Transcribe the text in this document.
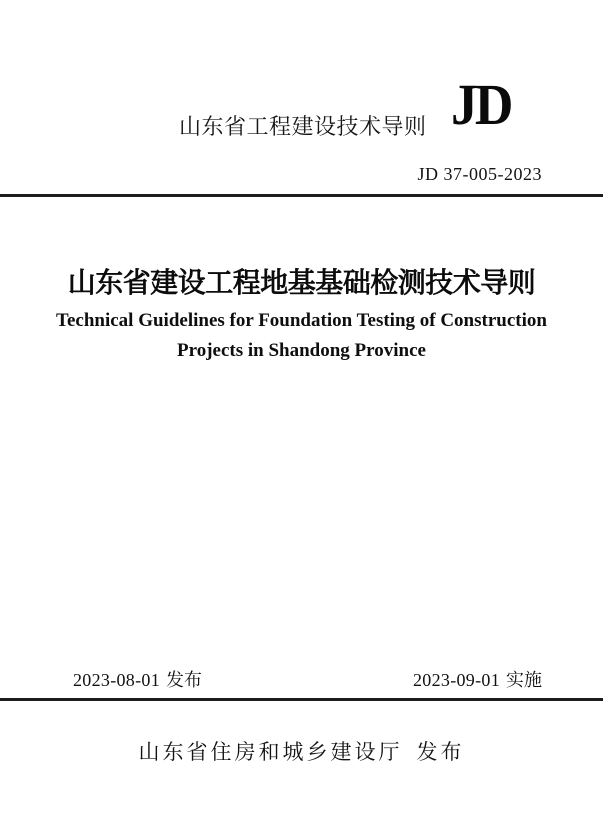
山东省工程建设技术导则 JD
JD 37-005-2023
山东省建设工程地基基础检测技术导则
Technical Guidelines for Foundation Testing of Construction
Projects in Shandong Province
2023-08-01 发布	2023-09-01 实施
山东省住房和城乡建设厅 发布
